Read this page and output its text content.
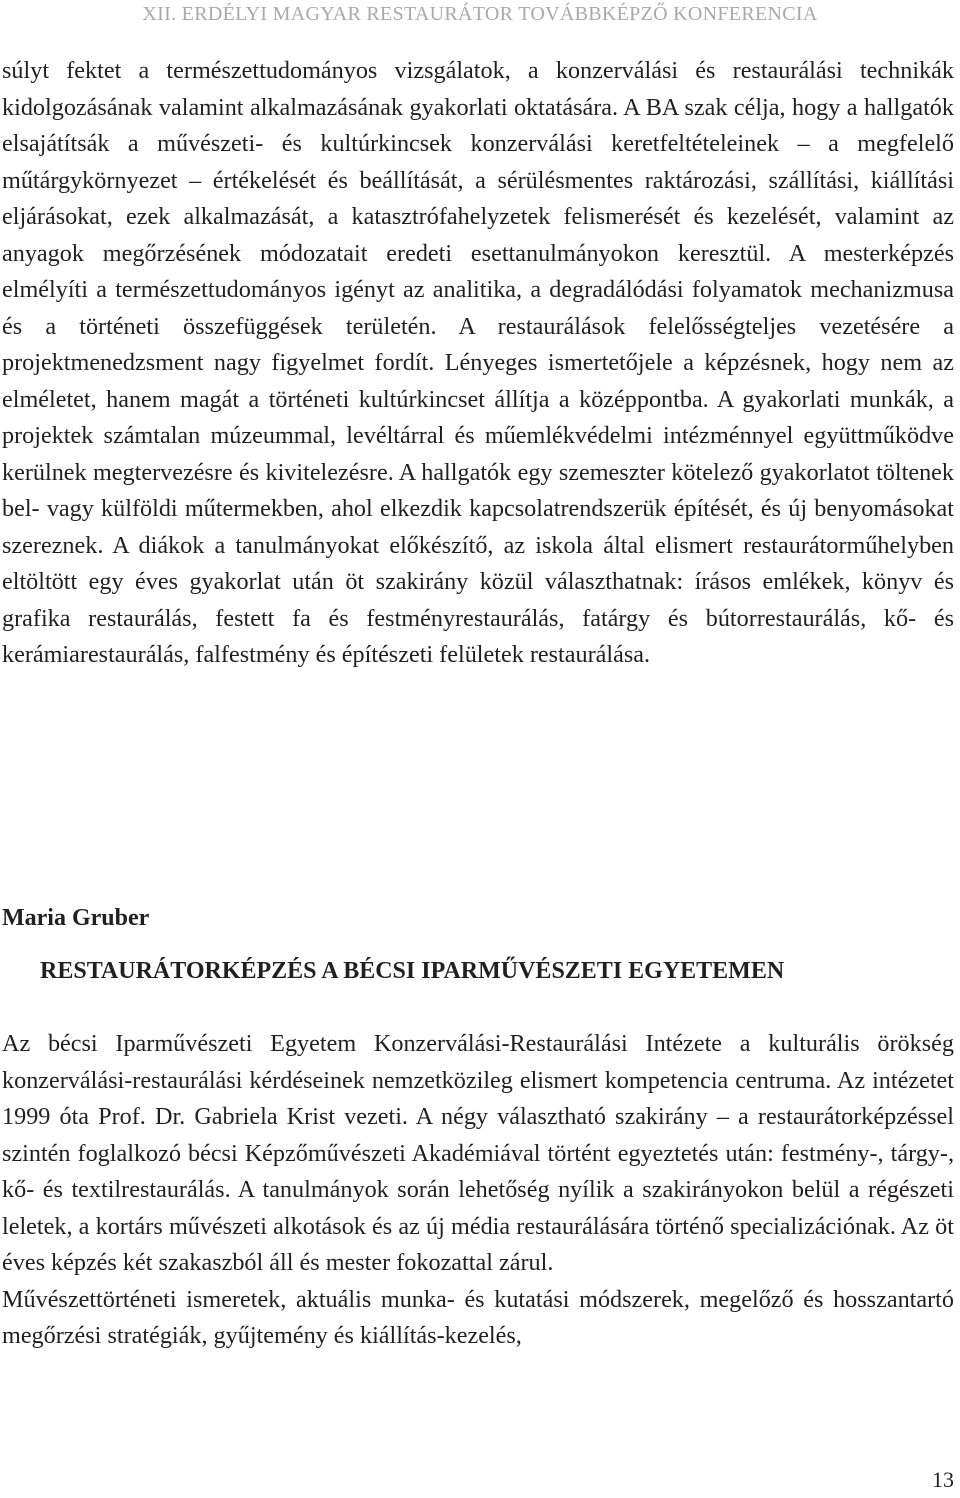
XII. ERDÉLYI MAGYAR RESTAURÁTOR TOVÁBBKÉPZŐ KONFERENCIA

súlyt fektet a természettudományos vizsgálatok, a konzerválási és restaurálási technikák kidolgozásának valamint alkalmazásának gyakorlati oktatására. A BA szak célja, hogy a hallgatók elsajátítsák a művészeti- és kultúrkincsek konzerválási keretfeltételeinek – a megfelelő műtárgykörnyezet – értékelését és beállítását, a sérülésmentes raktározási, szállítási, kiállítási eljárásokat, ezek alkalmazását, a katasztrófahelyzetek felismerését és kezelését, valamint az anyagok megőrzésének módozatait eredeti esettanulmányokon keresztül. A mesterképzés elmélyíti a természettudományos igényt az analitika, a degradálódási folyamatok mechanizmusa és a történeti összefüggések területén. A restaurálások felelősségteljes vezetésére a projektmenedzsment nagy figyelmet fordít. Lényeges ismertetőjele a képzésnek, hogy nem az elméletet, hanem magát a történeti kultúrkincset állítja a középpontba. A gyakorlati munkák, a projektek számtalan múzeummal, levéltárral és műemlékvédelmi intézménnyel együttműködve kerülnek megtervezésre és kivitelezésre. A hallgatók egy szemeszter kötelező gyakorlatot töltenek bel- vagy külföldi műtermekben, ahol elkezdik kapcsolatrendszerük építését, és új benyomásokat szereznek. A diákok a tanulmányokat előkészítő, az iskola által elismert restaurátorműhelyben eltöltött egy éves gyakorlat után öt szakirány közül választhatnak: írásos emlékek, könyv és grafika restaurálás, festett fa és festményrestaurálás, fatárgy és bútorrestaurálás, kő- és kerámiarestaurálás, falfestmény és építészeti felületek restaurálása.

Maria Gruber
RESTAURÁTORKÉPZÉS A BÉCSI IPARMŰVÉSZETI EGYETEMEN

Az bécsi Iparművészeti Egyetem Konzerválási-Restaurálási Intézete a kulturális örökség konzerválási-restaurálási kérdéseinek nemzetközileg elismert kompetencia centruma. Az intézetet 1999 óta Prof. Dr. Gabriela Krist vezeti. A négy választható szakirány – a restaurátorképzéssel szintén foglalkozó bécsi Képzőművészeti Akadémiával történt egyeztetés után: festmény-, tárgy-, kő- és textilrestaurálás. A tanulmányok során lehetőség nyílik a szakirányokon belül a régészeti leletek, a kortárs művészeti alkotások és az új média restaurálására történő specializációnak. Az öt éves képzés két szakaszból áll és mester fokozattal zárul.

Művészettörténeti ismeretek, aktuális munka- és kutatási módszerek, megelőző és hosszantartó megőrzési stratégiák, gyűjtemény és kiállítás-kezelés,

13
